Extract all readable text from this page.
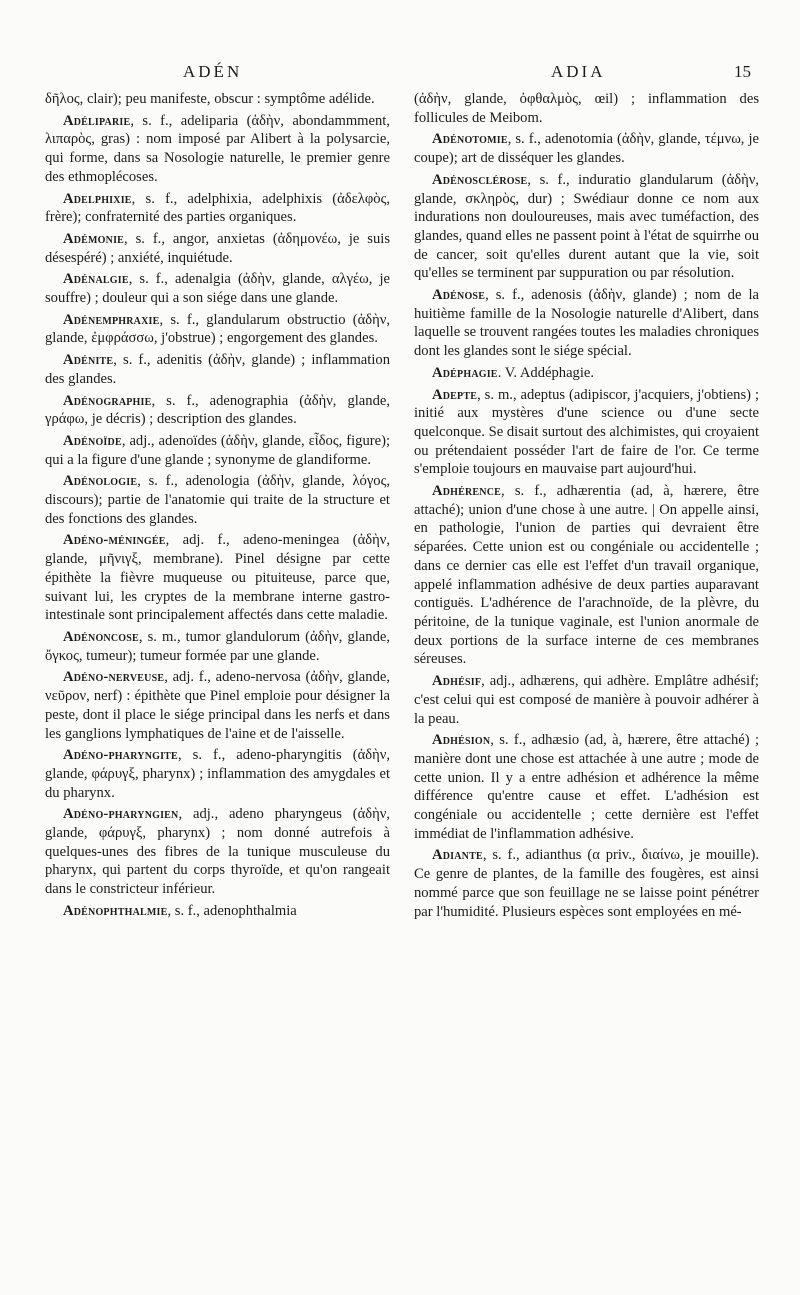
ADÉN	ADIA	15

δῆλος, clair); peu manifeste, obscur : symptôme adélide.

Adéliparie, s. f., adeliparia (ἀδὴν, abondammment, λιπαρὸς, gras) : nom imposé par Alibert à la polysarcie, qui forme, dans sa Nosologie naturelle, le premier genre des ethmoplécoses.

Adelphixie, s. f., adelphixia, adelphixis (ἀδελφὸς, frère); confraternité des parties organiques.

Adémonie, s. f., angor, anxietas (ἀδημονέω, je suis désespéré) ; anxiété, inquiétude.

Adénalgie, s. f., adenalgia (ἀδὴν, glande, αλγέω, je souffre) ; douleur qui a son siége dans une glande.

Adénemphraxie, s. f., glandularum obstructio (ἀδὴν, glande, ἐμφράσσω, j'obstrue) ; engorgement des glandes.

Adénite, s. f., adenitis (ἀδὴν, glande) ; inflammation des glandes.

Adénographie, s. f., adenographia (ἀδὴν, glande, γράφω, je décris) ; description des glandes.

Adénoïde, adj., adenoïdes (ἀδὴν, glande, εἶδος, figure); qui a la figure d'une glande ; synonyme de glandiforme.

Adénologie, s. f., adenologia (ἀδὴν, glande, λόγος, discours); partie de l'anatomie qui traite de la structure et des fonctions des glandes.

Adéno-méningée, adj. f., adeno-meningea (ἀδὴν, glande, μῆνιγξ, membrane). Pinel désigne par cette épithète la fièvre muqueuse ou pituiteuse, parce que, suivant lui, les cryptes de la membrane interne gastro-intestinale sont principalement affectés dans cette maladie.

Adénoncose, s. m., tumor glandulorum (ἀδὴν, glande, ὄγκος, tumeur); tumeur formée par une glande.

Adéno-nerveuse, adj. f., adeno-nervosa (ἀδὴν, glande, νεῦρον, nerf) : épithète que Pinel emploie pour désigner la peste, dont il place le siége principal dans les nerfs et dans les ganglions lymphatiques de l'aine et de l'aisselle.

Adéno-pharyngite, s. f., adeno-pharyngitis (ἀδὴν, glande, φάρυγξ, pharynx) ; inflammation des amygdales et du pharynx.

Adéno-pharyngien, adj., adeno pharyngeus (ἀδὴν, glande, φάρυγξ, pharynx) ; nom donné autrefois à quelques-unes des fibres de la tunique musculeuse du pharynx, qui partent du corps thyroïde, et qu'on rangeait dans le constricteur inférieur.

Adénophthalmie, s. f., adenophthalmia

(ἀδὴν, glande, ὀφθαλμὸς, œil) ; inflammation des follicules de Meibom.

Adénotomie, s. f., adenotomia (ἀδὴν, glande, τέμνω, je coupe); art de disséquer les glandes.

Adénosclérose, s. f., induratio glandularum (ἀδὴν, glande, σκληρὸς, dur) ; Swédiaur donne ce nom aux indurations non douloureuses, mais avec tuméfaction, des glandes, quand elles ne passent point à l'état de squirrhe ou de cancer, soit qu'elles durent autant que la vie, soit qu'elles se terminent par suppuration ou par résolution.

Adénose, s. f., adenosis (ἀδὴν, glande) ; nom de la huitième famille de la Nosologie naturelle d'Alibert, dans laquelle se trouvent rangées toutes les maladies chroniques dont les glandes sont le siége spécial.

Adéphagie. V. Addéphagie.

Adepte, s. m., adeptus (adipiscor, j'acquiers, j'obtiens) ; initié aux mystères d'une science ou d'une secte quelconque. Se disait surtout des alchimistes, qui croyaient ou prétendaient posséder l'art de faire de l'or. Ce terme s'emploie toujours en mauvaise part aujourd'hui.

Adhérence, s. f., adhærentia (ad, à, hærere, être attaché); union d'une chose à une autre. | On appelle ainsi, en pathologie, l'union de parties qui devraient être séparées. Cette union est ou congéniale ou accidentelle ; dans ce dernier cas elle est l'effet d'un travail organique, appelé inflammation adhésive de deux parties auparavant contiguës. L'adhérence de l'arachnoïde, de la plèvre, du péritoine, de la tunique vaginale, est l'union anormale de deux portions de la surface interne de ces membranes séreuses.

Adhésif, adj., adhærens, qui adhère. Emplâtre adhésif; c'est celui qui est composé de manière à pouvoir adhérer à la peau.

Adhésion, s. f., adhæsio (ad, à, hærere, être attaché) ; manière dont une chose est attachée à une autre ; mode de cette union. Il y a entre adhésion et adhérence la même différence qu'entre cause et effet. L'adhésion est congéniale ou accidentelle ; cette dernière est l'effet immédiat de l'inflammation adhésive.

Adiante, s. f., adianthus (α priv., διαίνω, je mouille). Ce genre de plantes, de la famille des fougères, est ainsi nommé parce que son feuillage ne se laisse point pénétrer par l'humidité. Plusieurs espèces sont employées en mé-
